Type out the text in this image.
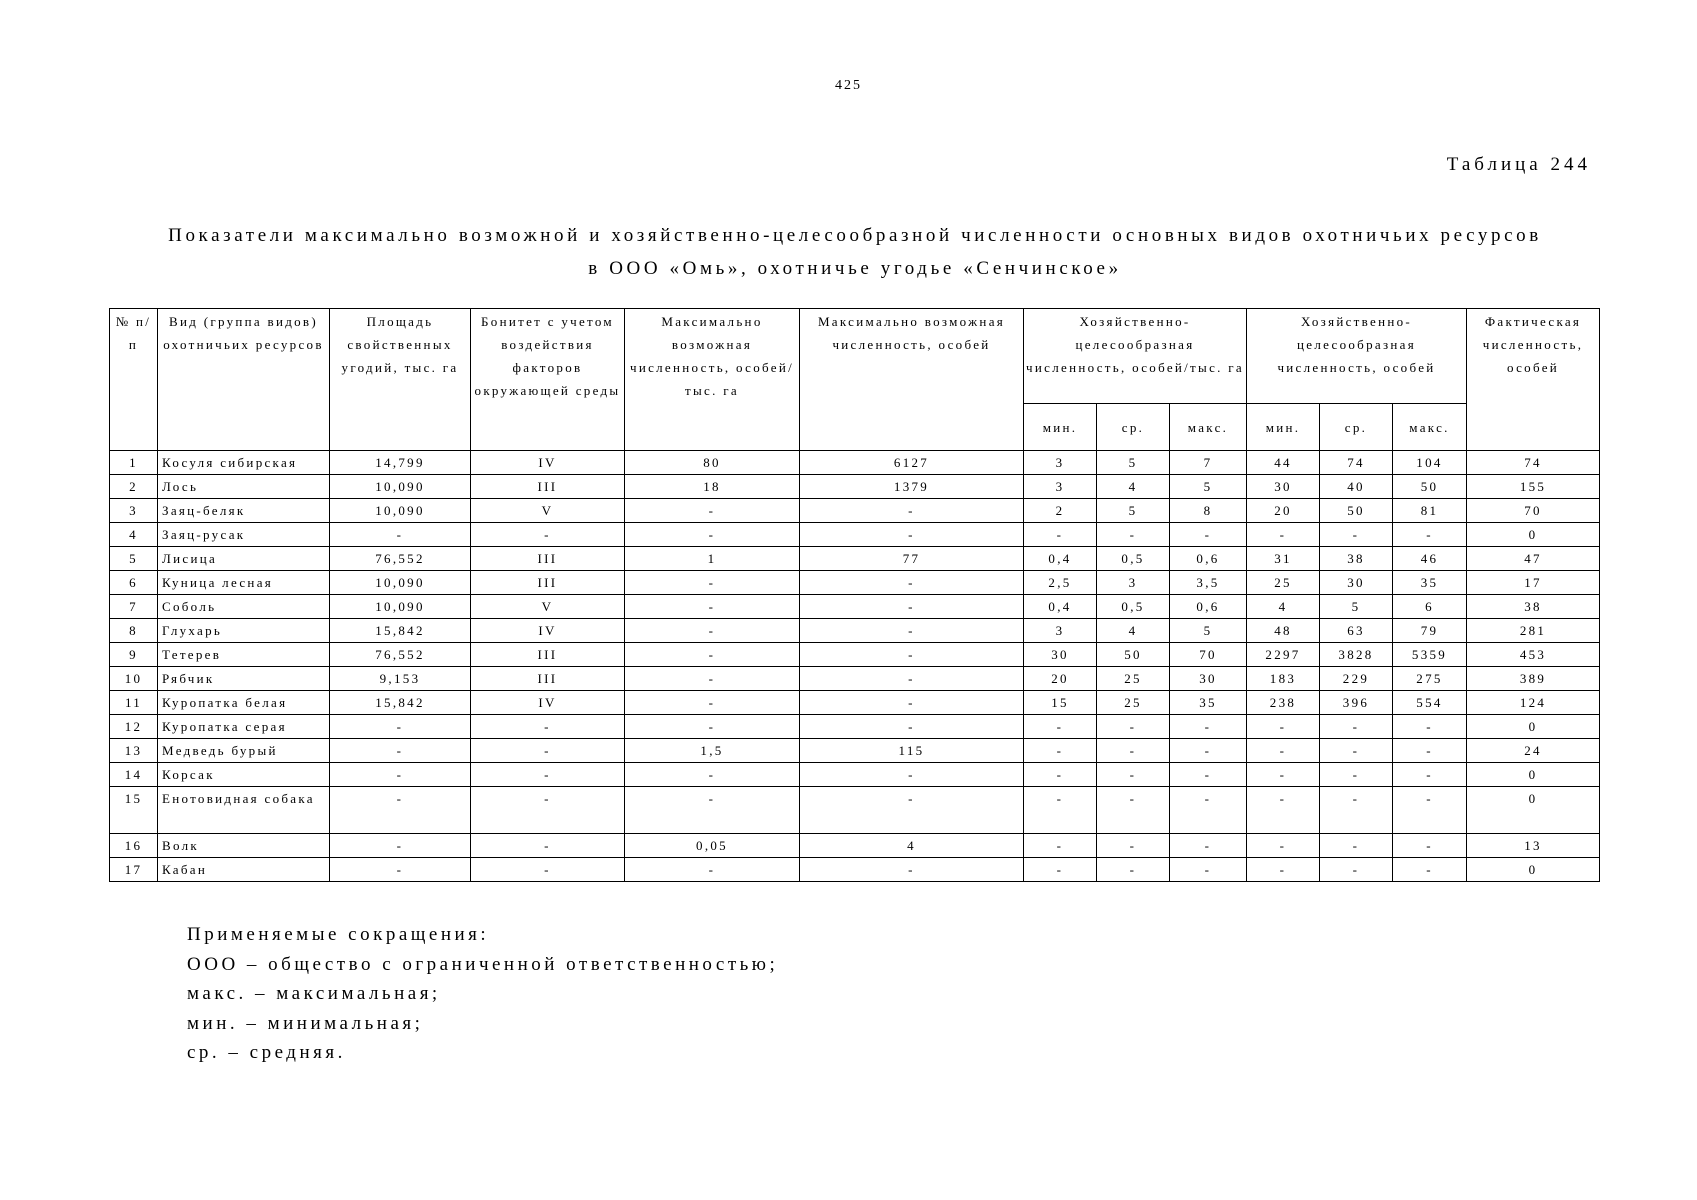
425
Таблица 244
Показатели максимально возможной и хозяйственно-целесообразной численности основных видов охотничьих ресурсов
в ООО «Омь», охотничье угодье «Сенчинское»
№ п/п	Вид (группа видов) охотничьих ресурсов	Площадь свойственных угодий, тыс. га	Бонитет с учетом воздействия факторов окружающей среды	Максимально возможная численность, особей/тыс. га	Максимально возможная численность, особей	Хозяйственно-целесообразная численность, особей/тыс. га			Хозяйственно-целесообразная численность, особей			Фактическая численность, особей
						мин.	ср.	макс.	мин.	ср.	макс.	
1	Косуля сибирская	14,799	IV	80	6127	3	5	7	44	74	104	74
2	Лось	10,090	III	18	1379	3	4	5	30	40	50	155
3	Заяц-беляк	10,090	V	-	-	2	5	8	20	50	81	70
4	Заяц-русак	-	-	-	-	-	-	-	-	-	-	0
5	Лисица	76,552	III	1	77	0,4	0,5	0,6	31	38	46	47
6	Куница лесная	10,090	III	-	-	2,5	3	3,5	25	30	35	17
7	Соболь	10,090	V	-	-	0,4	0,5	0,6	4	5	6	38
8	Глухарь	15,842	IV	-	-	3	4	5	48	63	79	281
9	Тетерев	76,552	III	-	-	30	50	70	2297	3828	5359	453
10	Рябчик	9,153	III	-	-	20	25	30	183	229	275	389
11	Куропатка белая	15,842	IV	-	-	15	25	35	238	396	554	124
12	Куропатка серая	-	-	-	-	-	-	-	-	-	-	0
13	Медведь бурый	-	-	1,5	115	-	-	-	-	-	-	24
14	Корсак	-	-	-	-	-	-	-	-	-	-	0
15	Енотовидная собака	-	-	-	-	-	-	-	-	-	-	0
16	Волк	-	-	0,05	4	-	-	-	-	-	-	13
17	Кабан	-	-	-	-	-	-	-	-	-	-	0
Применяемые сокращения:
ООО – общество с ограниченной ответственностью;
макс. – максимальная;
мин. – минимальная;
ср. – средняя.
